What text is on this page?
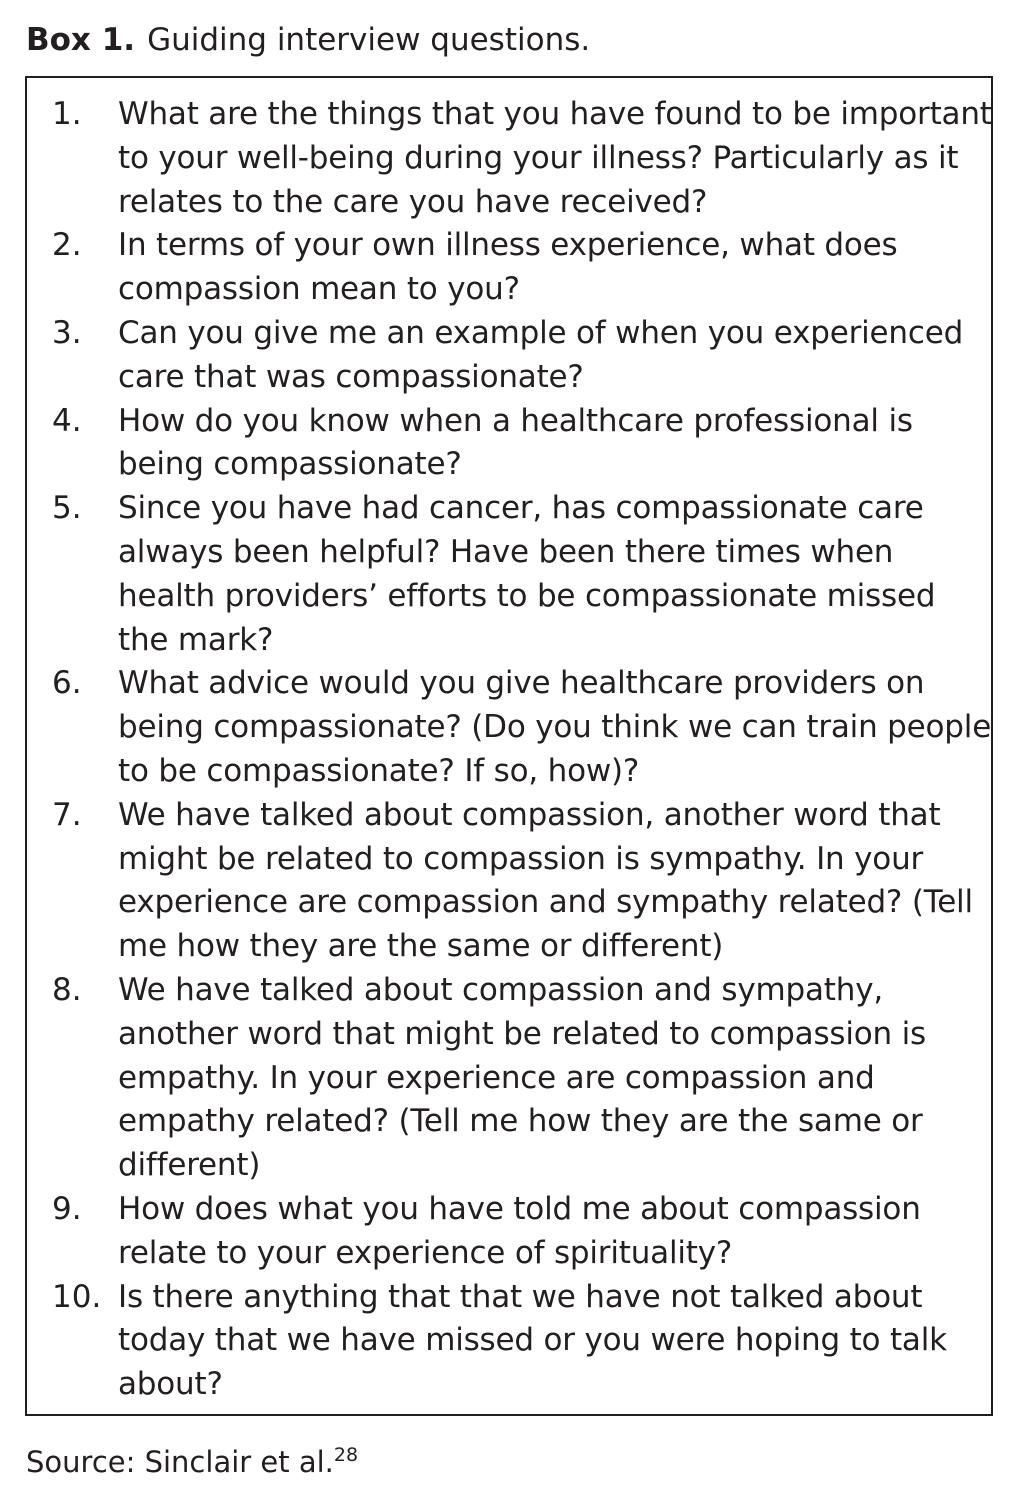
Box 1. Guiding interview questions.
1.	What are the things that you have found to be important to your well-being during your illness? Particularly as it relates to the care you have received?
2.	In terms of your own illness experience, what does compassion mean to you?
3.	Can you give me an example of when you experienced care that was compassionate?
4.	How do you know when a healthcare professional is being compassionate?
5.	Since you have had cancer, has compassionate care always been helpful? Have been there times when health providers’ efforts to be compassionate missed the mark?
6.	What advice would you give healthcare providers on being compassionate? (Do you think we can train people to be compassionate? If so, how)?
7.	We have talked about compassion, another word that might be related to compassion is sympathy. In your experience are compassion and sympathy related? (Tell me how they are the same or different)
8.	We have talked about compassion and sympathy, another word that might be related to compassion is empathy. In your experience are compassion and empathy related? (Tell me how they are the same or different)
9.	How does what you have told me about compassion relate to your experience of spirituality?
10. Is there anything that that we have not talked about today that we have missed or you were hoping to talk about?
Source: Sinclair et al.$^{28}$
